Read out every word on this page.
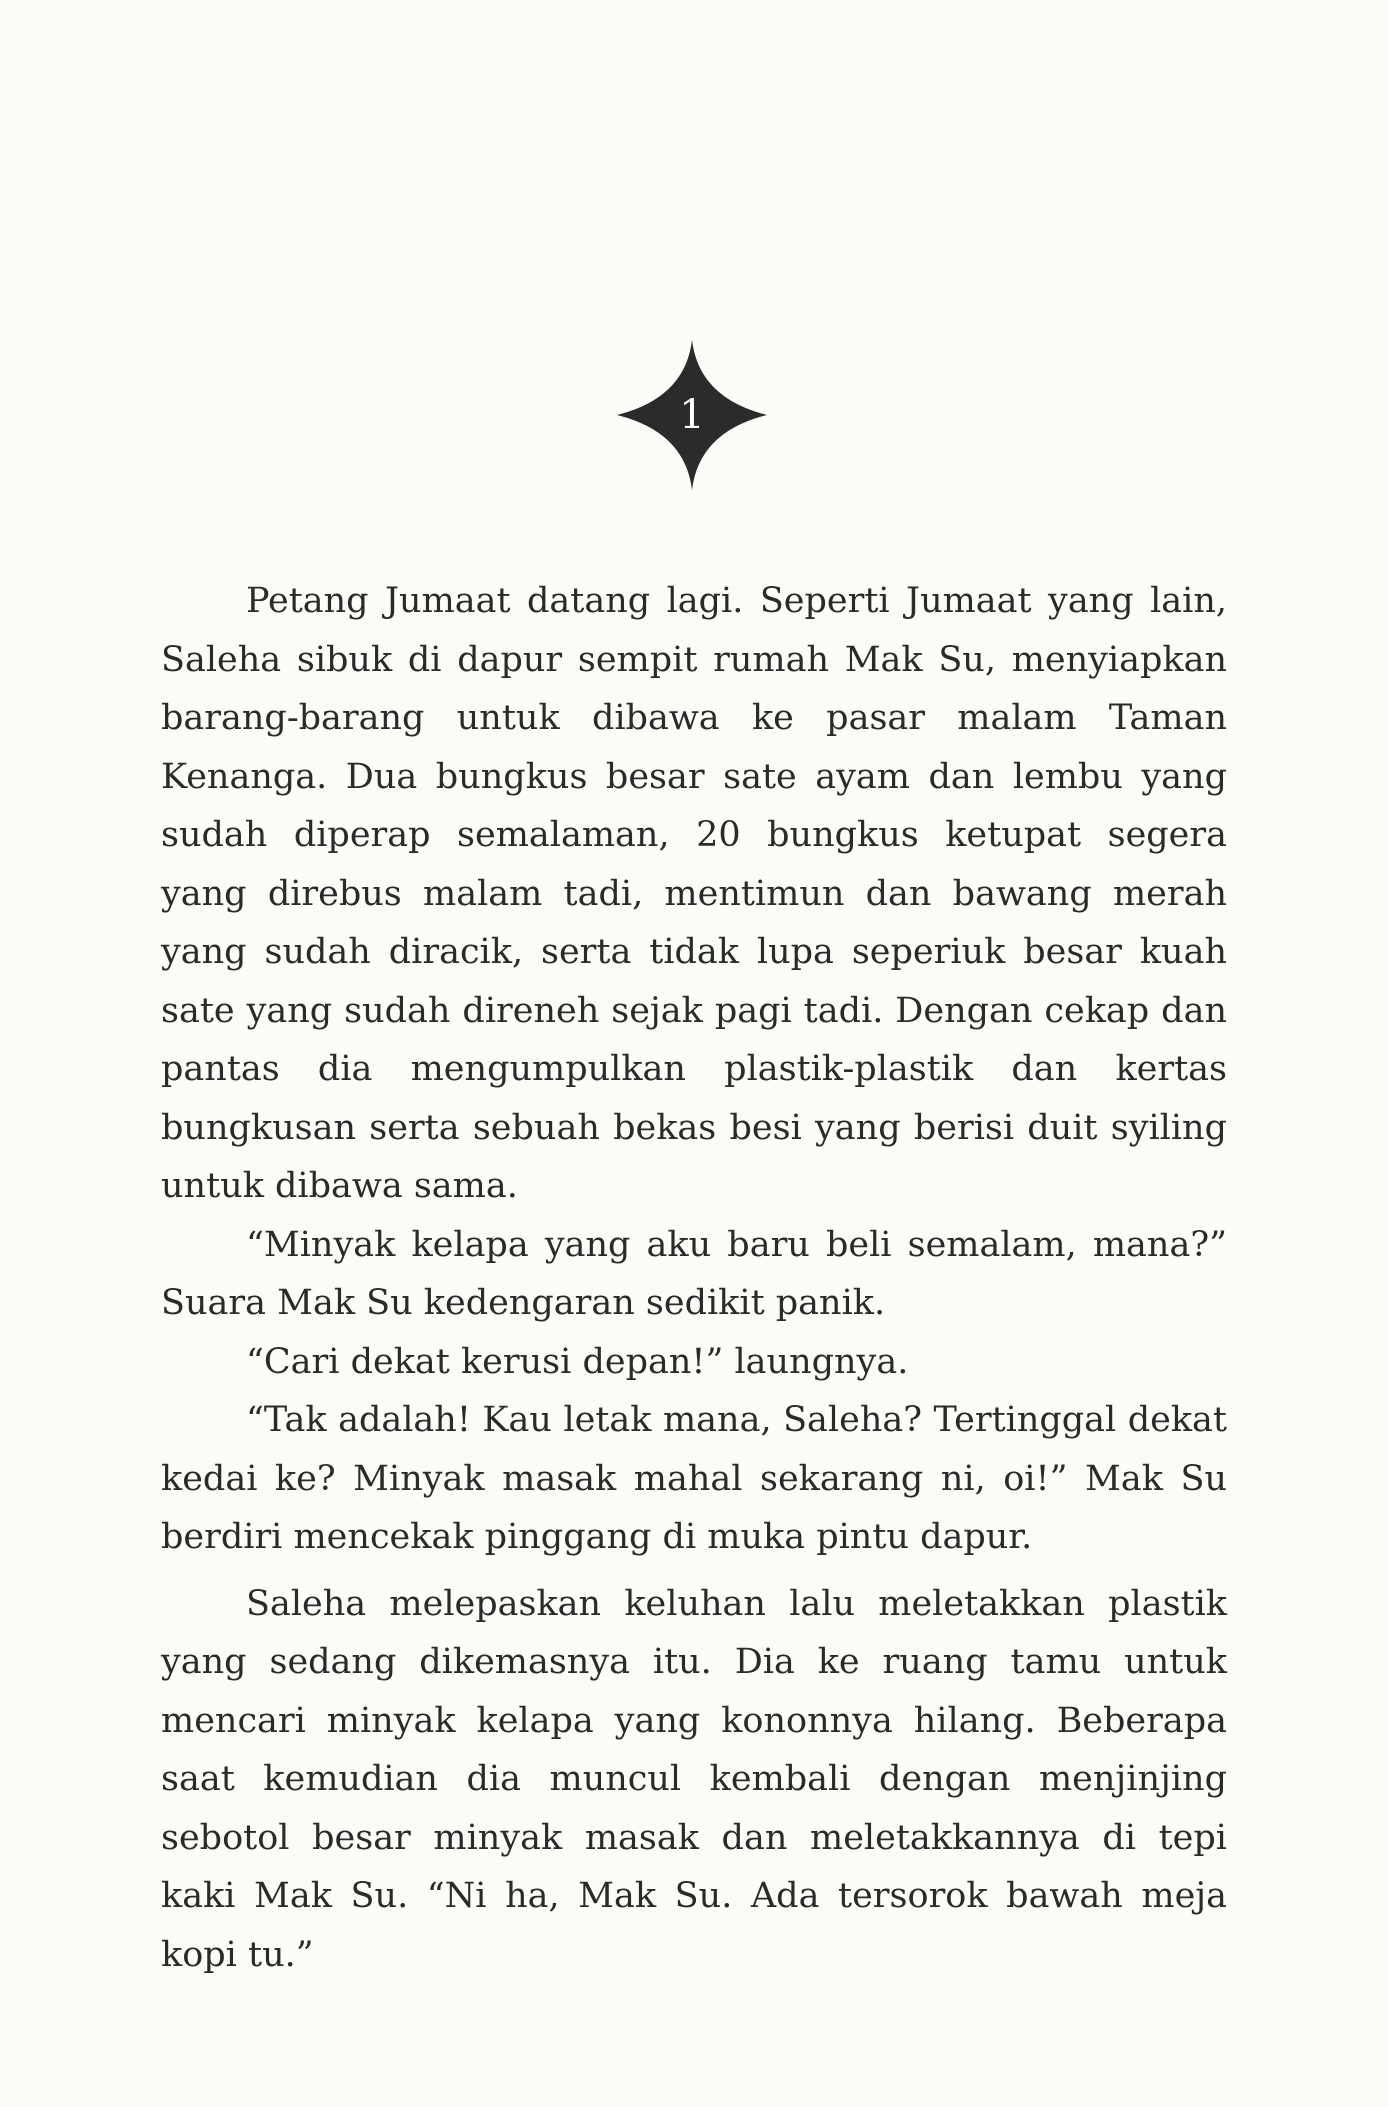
1

Petang Jumaat datang lagi. Seperti Jumaat yang lain, Saleha sibuk di dapur sempit rumah Mak Su, menyiapkan barang-barang untuk dibawa ke pasar malam Taman Kenanga. Dua bungkus besar sate ayam dan lembu yang sudah diperap semalaman, 20 bungkus ketupat segera yang direbus malam tadi, mentimun dan bawang merah yang sudah diracik, serta tidak lupa seperiuk besar kuah sate yang sudah direneh sejak pagi tadi. Dengan cekap dan pantas dia mengumpulkan plastik-plastik dan kertas bungkusan serta sebuah bekas besi yang berisi duit syiling untuk dibawa sama.

“Minyak kelapa yang aku baru beli semalam, mana?” Suara Mak Su kedengaran sedikit panik.

“Cari dekat kerusi depan!” laungnya.

“Tak adalah! Kau letak mana, Saleha? Tertinggal dekat kedai ke? Minyak masak mahal sekarang ni, oi!” Mak Su berdiri mencekak pinggang di muka pintu dapur.

Saleha melepaskan keluhan lalu meletakkan plastik yang sedang dikemasnya itu. Dia ke ruang tamu untuk mencari minyak kelapa yang kononnya hilang. Beberapa saat kemudian dia muncul kembali dengan menjinjing sebotol besar minyak masak dan meletakkannya di tepi kaki Mak Su. “Ni ha, Mak Su. Ada tersorok bawah meja kopi tu.”
